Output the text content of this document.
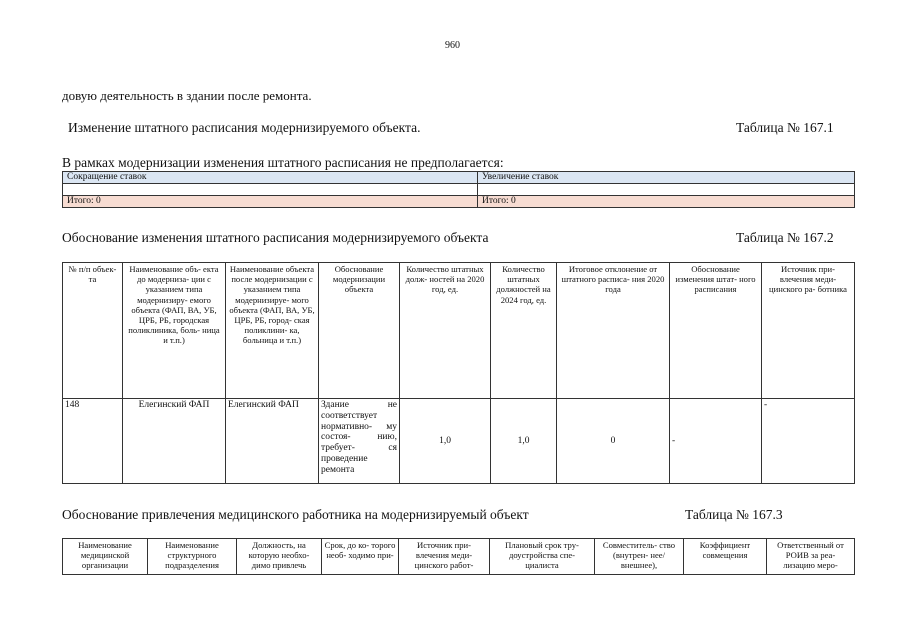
960
довую деятельность в здании после ремонта.
Изменение штатного расписания модернизируемого объекта.	Таблица № 167.1
В рамках модернизации изменения штатного расписания не предполагается:
Сокращение ставок	Увеличение ставок

Итого: 0	Итого: 0
Обоснование изменения штатного расписания модернизируемого объекта	Таблица № 167.2
№ п/п объек- та	Наименование объ- екта до модерниза- ции с указанием типа модернизиру- емого объекта (ФАП, ВА, УБ, ЦРБ, РБ, городская поликлиника, боль- ница и т.п.)	Наименование объекта после модернизации с указанием типа модернизируе- мого объекта (ФАП, ВА, УБ, ЦРБ, РБ, город- ская поликлини- ка, больница и т.п.)	Обоснование модернизации объекта	Количество штатных долж- ностей на 2020 год, ед.	Количество штатных должностей на 2024 год, ед.	Итоговое отклонение от штатного расписа- ния 2020 года	Обоснование изменения штат- ного расписания	Источник при- влечения меди- цинского ра- ботника
148	Елегинский ФАП	Елегинский ФАП	Здание не соответствует нормативно- му состоя- нию, требует- ся проведение ремонта	1,0	1,0	0	-	-
Обоснование привлечения медицинского работника на модернизируемый объект	Таблица № 167.3
Наименование медицинской организации	Наименование структурного подразделения	Должность, на которую необхо- димо привлечь	Срок, до ко- торого необ- ходимо при-	Источник при- влечения меди- цинского работ-	Плановый срок тру- доустройства спе- циалиста	Совместитель- ство (внутрен- нее/внешнее),	Коэффициент совмещения	Ответственный от РОИВ за реа- лизацию меро-
